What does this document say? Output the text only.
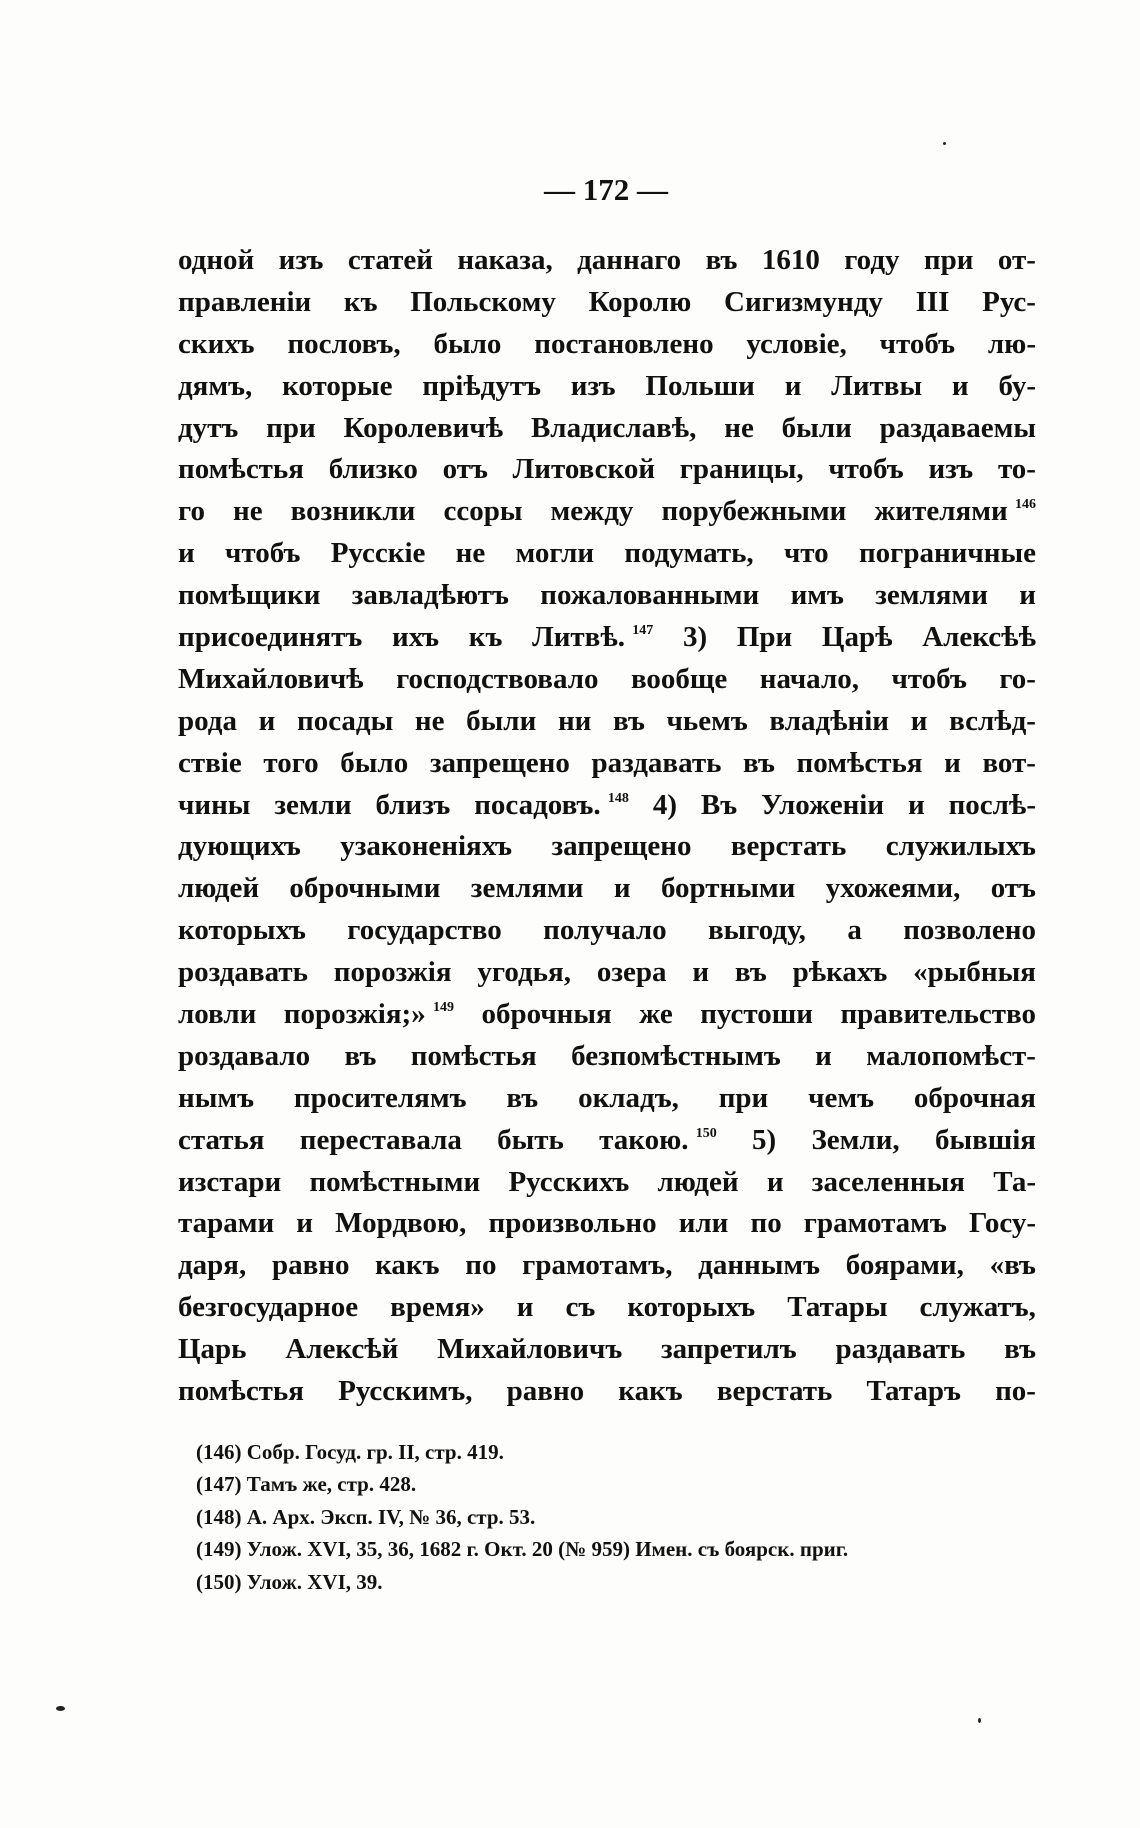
— 172 —
одной изъ статей наказа, даннаго въ 1610 году при от-
правленіи къ Польскому Королю Сигизмунду III Рус-
скихъ пословъ, было постановлено условіе, чтобъ лю-
дямъ, которые пріѣдутъ изъ Польши и Литвы и бу-
дутъ при Королевичѣ Владиславѣ, не были раздаваемы
помѣстья близко отъ Литовской границы, чтобъ изъ то-
го не возникли ссоры между порубежными жителями $^{146}$
и чтобъ Русскіе не могли подумать, что пограничные
помѣщики завладѣютъ пожалованными имъ землями и
присоединятъ ихъ къ Литвѣ. $^{147}$ 3) При Царѣ Алексѣѣ
Михайловичѣ господствовало вообще начало, чтобъ го-
рода и посады не были ни въ чьемъ владѣніи и вслѣд-
ствіе того было запрещено раздавать въ помѣстья и вот-
чины земли близъ посадовъ. $^{148}$ 4) Въ Уложеніи и послѣ-
дующихъ узаконеніяхъ запрещено верстать служилыхъ
людей оброчными землями и бортными ухожеями, отъ
которыхъ государство получало выгоду, а позволено
роздавать порозжія угодья, озера и въ рѣкахъ «рыбныя
ловли порозжія;» $^{149}$ оброчныя же пустоши правительство
роздавало въ помѣстья безпомѣстнымъ и малопомѣст-
нымъ просителямъ въ окладъ, при чемъ оброчная
статья переставала быть такою. $^{150}$ 5) Земли, бывшія
изстари помѣстными Русскихъ людей и заселенныя Та-
тарами и Мордвою, произвольно или по грамотамъ Госу-
даря, равно какъ по грамотамъ, даннымъ боярами, «въ
безгосударное время» и съ которыхъ Татары служатъ,
Царь Алексѣй Михайловичъ запретилъ раздавать въ
помѣстья Русскимъ, равно какъ верстать Татаръ по-
(146) Собр. Госуд. гр. II, стр. 419.
(147) Тамъ же, стр. 428.
(148) А. Арх. Эксп. IV, № 36, стр. 53.
(149) Улож. XVI, 35, 36, 1682 г. Окт. 20 (№ 959) Имен. съ боярск. приг.
(150) Улож. XVI, 39.
